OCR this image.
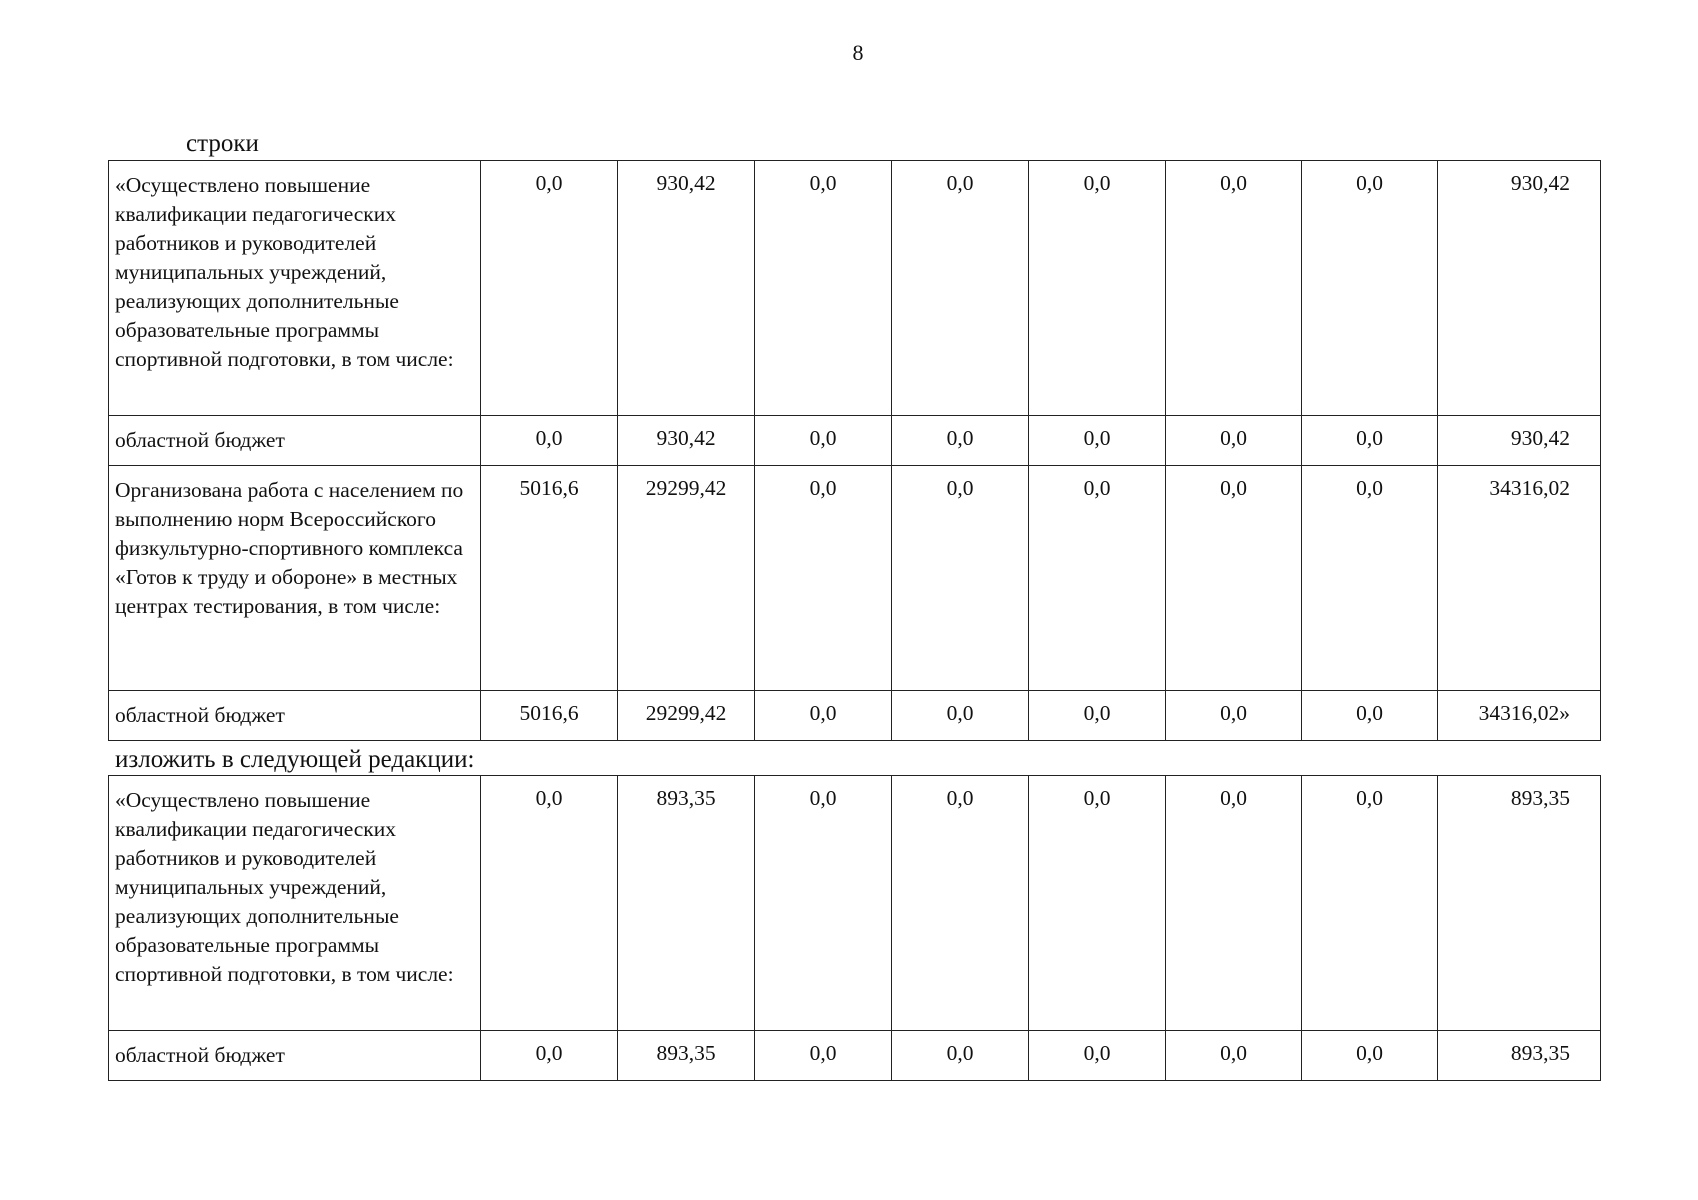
8
строки
«Осуществлено повышение квалификации педагогических работников и руководителей муниципальных учреждений, реализующих дополнительные образовательные программы спортивной подготовки, в том числе:	0,0	930,42	0,0	0,0	0,0	0,0	0,0	930,42
областной бюджет	0,0	930,42	0,0	0,0	0,0	0,0	0,0	930,42
Организована работа с населением по выполнению норм Всероссийского физкультурно-спортивного комплекса «Готов к труду и обороне» в местных центрах тестирования, в том числе:	5016,6	29299,42	0,0	0,0	0,0	0,0	0,0	34316,02
областной бюджет	5016,6	29299,42	0,0	0,0	0,0	0,0	0,0	34316,02»
изложить в следующей редакции:
«Осуществлено повышение квалификации педагогических работников и руководителей муниципальных учреждений, реализующих дополнительные образовательные программы спортивной подготовки, в том числе:	0,0	893,35	0,0	0,0	0,0	0,0	0,0	893,35
областной бюджет	0,0	893,35	0,0	0,0	0,0	0,0	0,0	893,35
